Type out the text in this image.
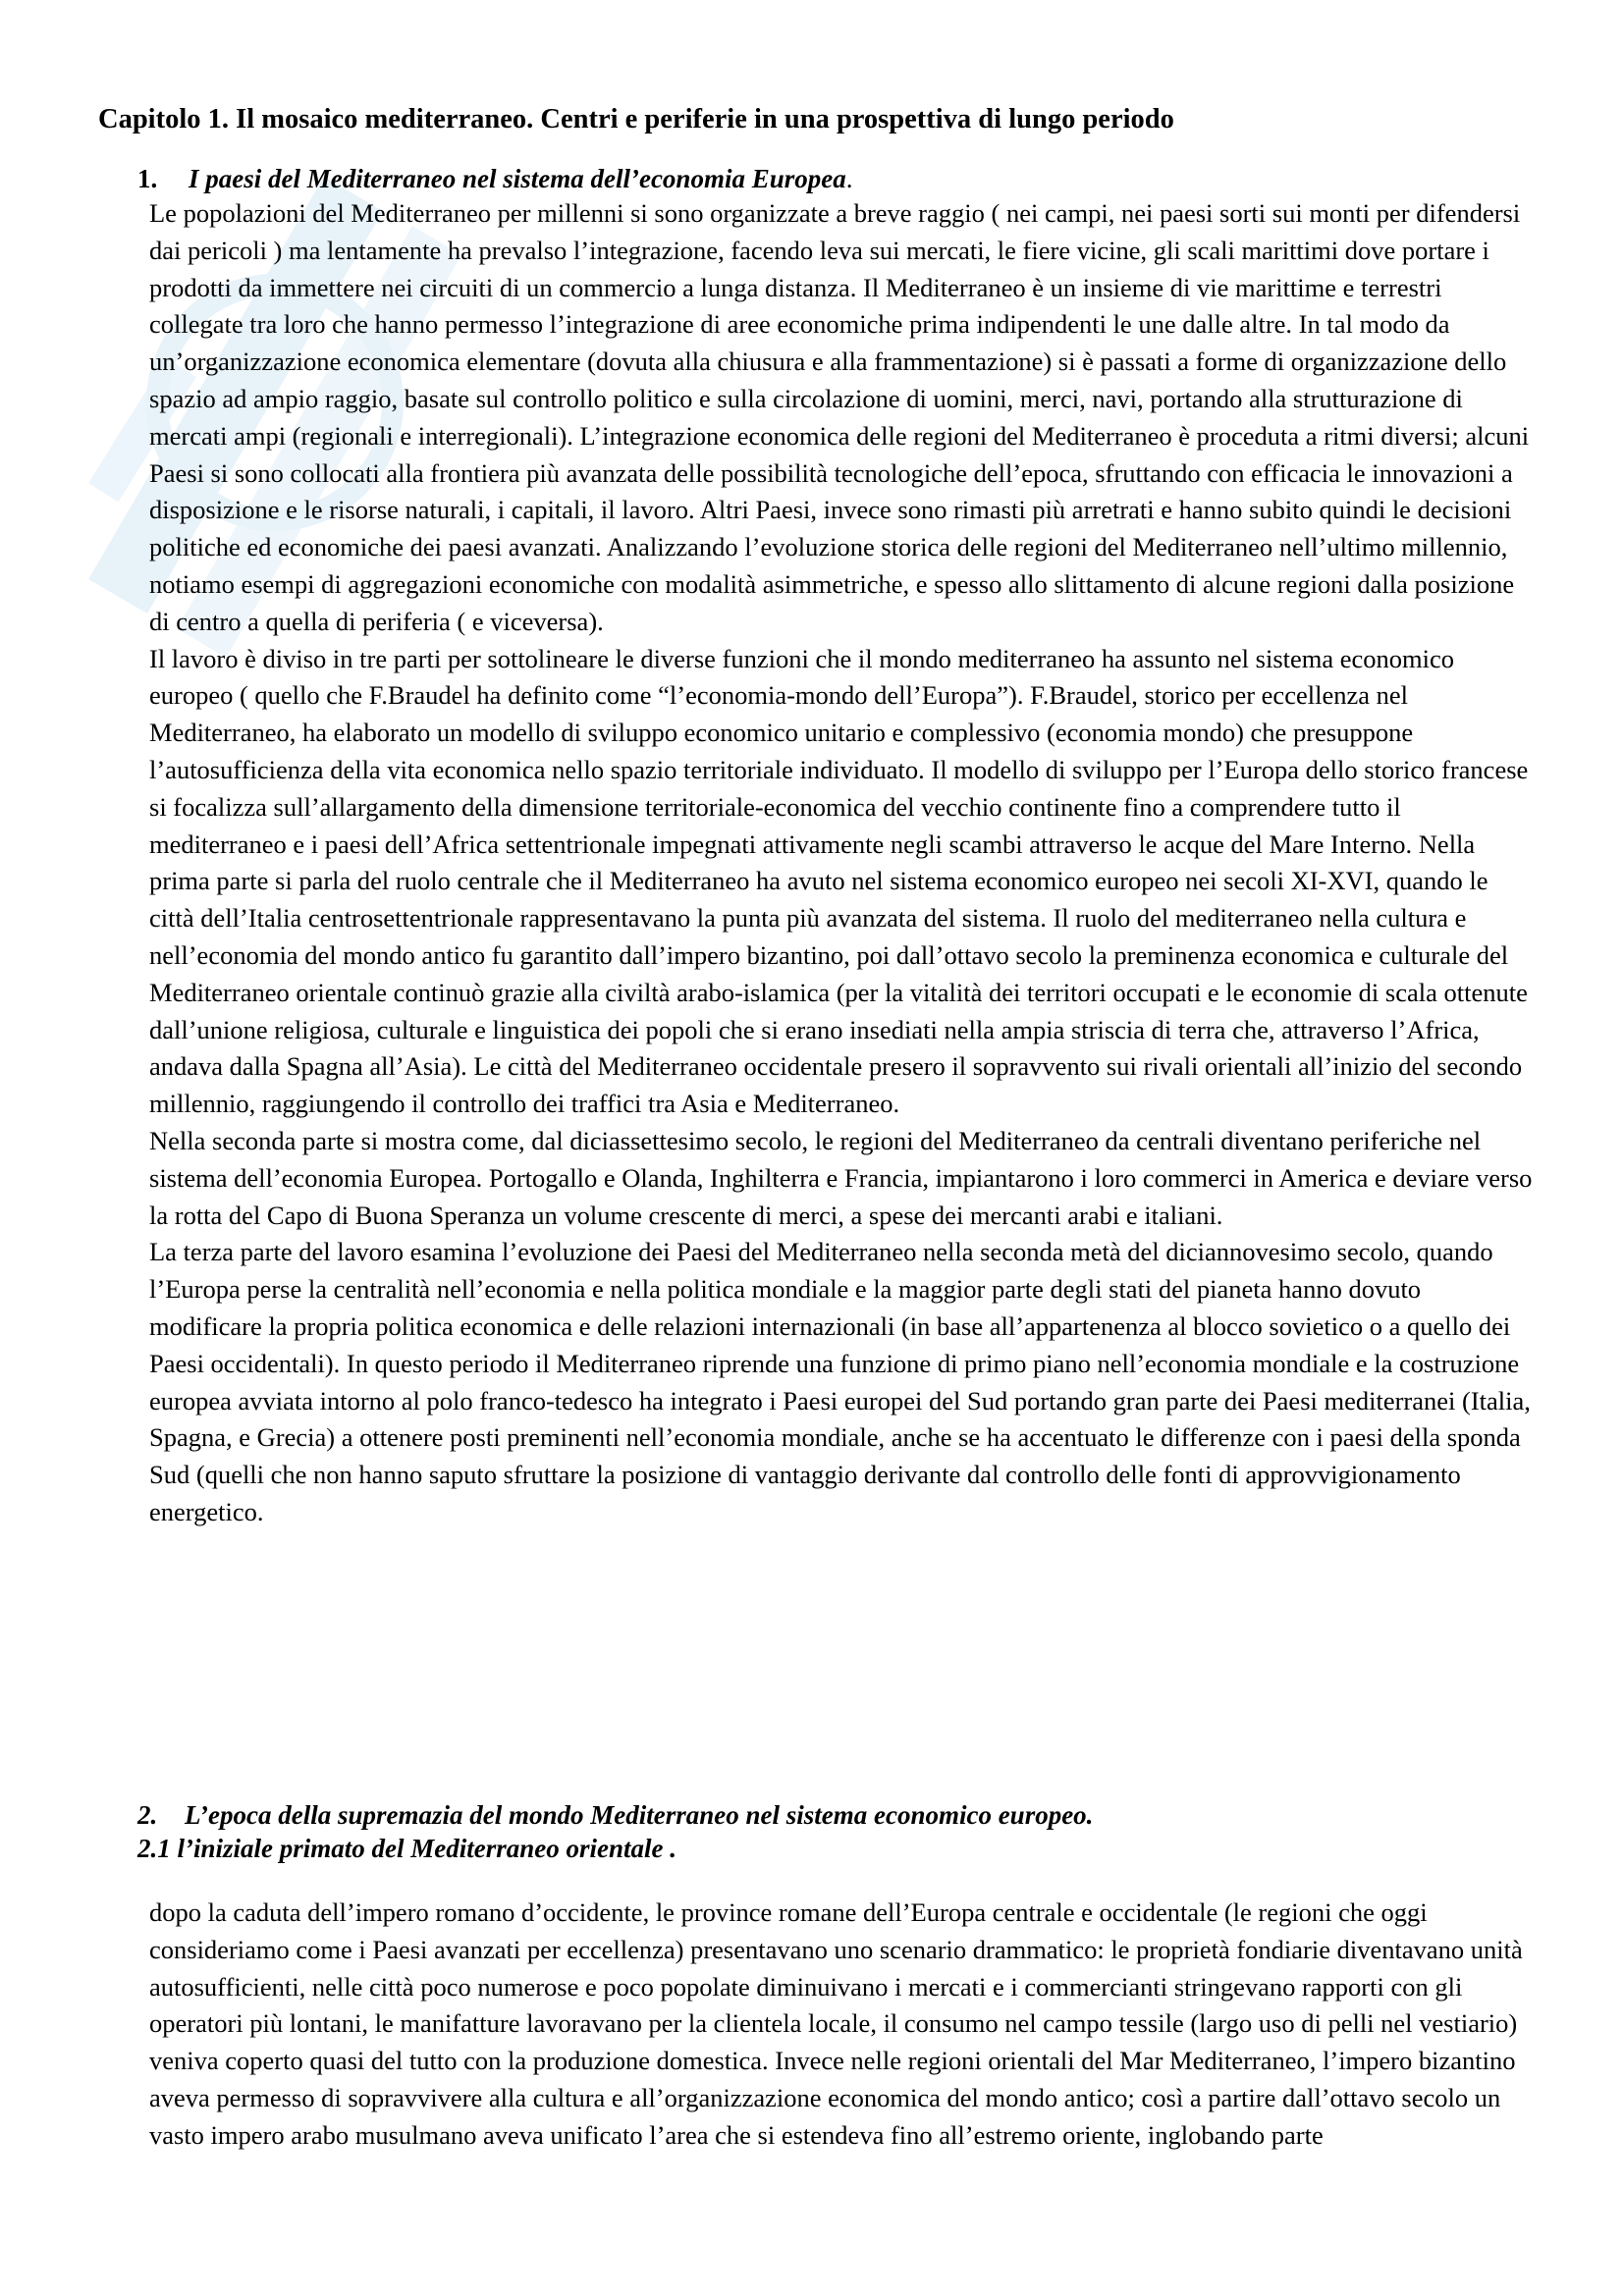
Capitolo 1. Il mosaico mediterraneo. Centri e periferie in una prospettiva di lungo periodo
1. I paesi del Mediterraneo nel sistema dell’economia Europea.

Le popolazioni del Mediterraneo per millenni si sono organizzate a breve raggio ( nei campi, nei paesi sorti sui monti per difendersi dai pericoli ) ma lentamente ha prevalso l’integrazione, facendo leva sui mercati, le fiere vicine, gli scali marittimi dove portare i prodotti da immettere nei circuiti di un commercio a lunga distanza. Il Mediterraneo è un insieme di vie marittime e terrestri collegate tra loro che hanno permesso l’integrazione di aree economiche prima indipendenti le une dalle altre. In tal modo da un’organizzazione economica elementare (dovuta alla chiusura e alla frammentazione) si è passati a forme di organizzazione dello spazio ad ampio raggio, basate sul controllo politico e sulla circolazione di uomini, merci, navi, portando alla strutturazione di mercati ampi (regionali e interregionali). L’integrazione economica delle regioni del Mediterraneo è proceduta a ritmi diversi; alcuni Paesi si sono collocati alla frontiera più avanzata delle possibilità tecnologiche dell’epoca, sfruttando con efficacia le innovazioni a disposizione e le risorse naturali, i capitali, il lavoro. Altri Paesi, invece sono rimasti più arretrati e hanno subito quindi le decisioni politiche ed economiche dei paesi avanzati. Analizzando l’evoluzione storica delle regioni del Mediterraneo nell’ultimo millennio, notiamo esempi di aggregazioni economiche con modalità asimmetriche, e spesso allo slittamento di alcune regioni dalla posizione di centro a quella di periferia ( e viceversa).

Il lavoro è diviso in tre parti per sottolineare le diverse funzioni che il mondo mediterraneo ha assunto nel sistema economico europeo ( quello che F.Braudel ha definito come “l’economia-mondo dell’Europa”). F.Braudel, storico per eccellenza nel Mediterraneo, ha elaborato un modello di sviluppo economico unitario e complessivo (economia mondo) che presuppone l’autosufficienza della vita economica nello spazio territoriale individuato. Il modello di sviluppo per l’Europa dello storico francese si focalizza sull’allargamento della dimensione territoriale-economica del vecchio continente fino a comprendere tutto il mediterraneo e i paesi dell’Africa settentrionale impegnati attivamente negli scambi attraverso le acque del Mare Interno. Nella prima parte si parla del ruolo centrale che il Mediterraneo ha avuto nel sistema economico europeo nei secoli XI-XVI, quando le città dell’Italia centrosettentrionale rappresentavano la punta più avanzata del sistema. Il ruolo del mediterraneo nella cultura e nell’economia del mondo antico fu garantito dall’impero bizantino, poi dall’ottavo secolo la preminenza economica e culturale del Mediterraneo orientale continuò grazie alla civiltà arabo-islamica (per la vitalità dei territori occupati e le economie di scala ottenute dall’unione religiosa, culturale e linguistica dei popoli che si erano insediati nella ampia striscia di terra che, attraverso l’Africa, andava dalla Spagna all’Asia). Le città del Mediterraneo occidentale presero il sopravvento sui rivali orientali all’inizio del secondo millennio, raggiungendo il controllo dei traffici tra Asia e Mediterraneo.

Nella seconda parte si mostra come, dal diciassettesimo secolo, le regioni del Mediterraneo da centrali diventano periferiche nel sistema dell’economia Europea. Portogallo e Olanda, Inghilterra e Francia, impiantarono i loro commerci in America e deviare verso la rotta del Capo di Buona Speranza un volume crescente di merci, a spese dei mercanti arabi e italiani.

La terza parte del lavoro esamina l’evoluzione dei Paesi del Mediterraneo nella seconda metà del diciannovesimo secolo, quando l’Europa perse la centralità nell’economia e nella politica mondiale e la maggior parte degli stati del pianeta hanno dovuto modificare la propria politica economica e delle relazioni internazionali (in base all’appartenenza al blocco sovietico o a quello dei Paesi occidentali). In questo periodo il Mediterraneo riprende una funzione di primo piano nell’economia mondiale e la costruzione europea avviata intorno al polo franco-tedesco ha integrato i Paesi europei del Sud portando gran parte dei Paesi mediterranei (Italia, Spagna, e Grecia) a ottenere posti preminenti nell’economia mondiale, anche se ha accentuato le differenze con i paesi della sponda Sud (quelli che non hanno saputo sfruttare la posizione di vantaggio derivante dal controllo delle fonti di approvvigionamento energetico.

2. L’epoca della supremazia del mondo Mediterraneo nel sistema economico europeo.
2.1 l’iniziale primato del Mediterraneo orientale .

dopo la caduta dell’impero romano d’occidente, le province romane dell’Europa centrale e occidentale (le regioni che oggi consideriamo come i Paesi avanzati per eccellenza) presentavano uno scenario drammatico: le proprietà fondiarie diventavano unità autosufficienti, nelle città poco numerose e poco popolate diminuivano i mercati e i commercianti stringevano rapporti con gli operatori più lontani, le manifatture lavoravano per la clientela locale, il consumo nel campo tessile (largo uso di pelli nel vestiario) veniva coperto quasi del tutto con la produzione domestica. Invece nelle regioni orientali del Mar Mediterraneo, l’impero bizantino aveva permesso di sopravvivere alla cultura e all’organizzazione economica del mondo antico; così a partire dall’ottavo secolo un vasto impero arabo musulmano aveva unificato l’area che si estendeva fino all’estremo oriente, inglobando parte
